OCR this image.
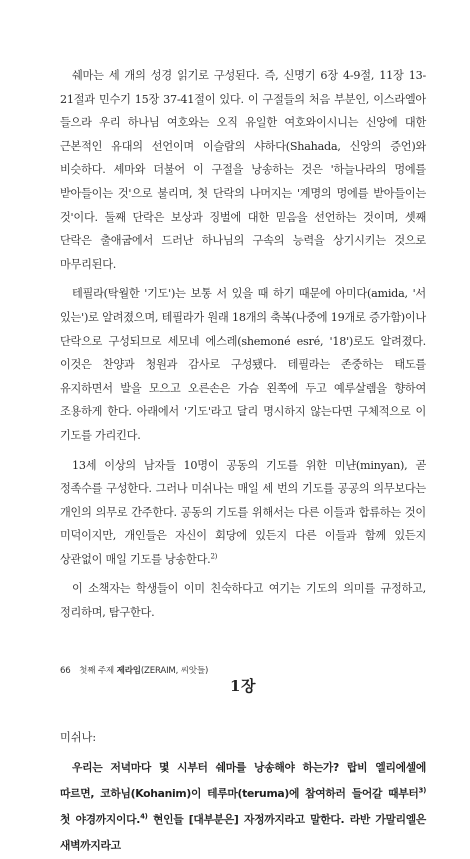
쉐마는 세 개의 성경 읽기로 구성된다. 즉, 신명기 6장 4-9절, 11장 13-21절과 민수기 15장 37-41절이 있다. 이 구절들의 처음 부분인, 이스라엘아 들으라 우리 하나님 여호와는 오직 유일한 여호와이시니는 신앙에 대한 근본적인 유대의 선언이며 이슬람의 샤하다(Shahada, 신앙의 증언)와 비슷하다. 셰마와 더불어 이 구절을 낭송하는 것은 '하늘나라의 멍에를 받아들이는 것'으로 불리며, 첫 단락의 나머지는 '계명의 멍에를 받아들이는 것'이다. 둘째 단락은 보상과 징벌에 대한 믿음을 선언하는 것이며, 셋째 단락은 출애굽에서 드러난 하나님의 구속의 능력을 상기시키는 것으로 마무리된다.

테필라(탁월한 '기도')는 보통 서 있을 때 하기 때문에 아미다(amida, '서 있는')로 알려졌으며, 테필라가 원래 18개의 축복(나중에 19개로 증가함)이나 단락으로 구성되므로 세모네 에스레(shemoné esré, '18')로도 알려졌다. 이것은 찬양과 청원과 감사로 구성됐다. 테필라는 존중하는 태도를 유지하면서 발을 모으고 오른손은 가슴 왼쪽에 두고 예루살렘을 향하여 조용하게 한다. 아래에서 '기도'라고 달리 명시하지 않는다면 구체적으로 이 기도를 가리킨다.

13세 이상의 남자들 10명이 공동의 기도를 위한 미냔(minyan), 곧 정족수를 구성한다. 그러나 미쉬나는 매일 세 번의 기도를 공공의 의무보다는 개인의 의무로 간주한다. 공동의 기도를 위해서는 다른 이들과 합류하는 것이 미덕이지만, 개인들은 자신이 회당에 있든지 다른 이들과 함께 있든지 상관없이 매일 기도를 낭송한다.$^{2)}$

이 소책자는 학생들이 이미 친숙하다고 여기는 기도의 의미를 규정하고, 정리하며, 탐구한다.

1장

미쉬나:

우리는 저녁마다 몇 시부터 쉐마를 낭송해야 하는가? 랍비 엘리에셀에 따르면, 코하님(Kohanim)이 테루마(teruma)에 참여하러 들어갈 때부터$^{3)}$ 첫 야경까지이다.$^{4)}$ 현인들 [대부분은] 자정까지라고 말한다. 라반 가말리엘은 새벽까지라고

66 첫째 주제 제라임(ZERAIM, 씨앗들)
